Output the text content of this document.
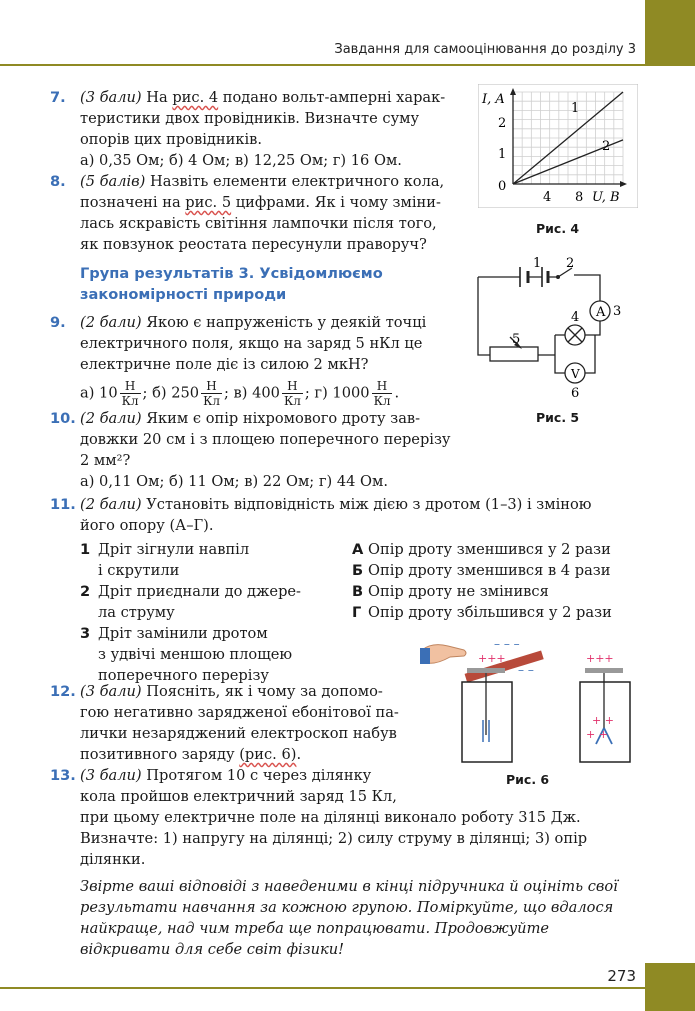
Завдання для самооцінювання до розділу 3
7. (3 бали) На рис. 4 подано вольт-амперні харак-
теристики двох провідників. Визначте суму
опорів цих провідників.
а) 0,35 Ом; б) 4 Ом; в) 12,25 Ом; г) 16 Ом.
8. (5 балів) Назвіть елементи електричного кола,
позначені на рис. 5 цифрами. Як і чому зміни-
лась яскравість світіння лампочки після того,
як повзунок реостата пересунули праворуч?
Група результатів 3. Усвідомлюємо закономірності природи
9. (2 бали) Якою є напруженість у деякій точці
електричного поля, якщо на заряд 5 нКл це
електричне поле діє із силою 2 мкН?
а) $10 \frac{Н}{Кл}$ ; б) $250 \frac{Н}{Кл}$ ; в) $400 \frac{Н}{Кл}$ ; г) $1000 \frac{Н}{Кл}$ .
10. (2 бали) Яким є опір ніхромового дроту зав-
довжки 20 см і з площею поперечного перерізу
2 мм²?
а) 0,11 Ом; б) 11 Ом; в) 22 Ом; г) 44 Ом.
11. (2 бали) Установіть відповідність між дією з дротом (1–3) і зміною
його опору (А–Г).
1 Дріт зігнули навпіл
і скрутили
2 Дріт приєднали до джере-
ла струму
3 Дріт замінили дротом
з удвічі меншою площею
поперечного перерізу
А Опір дроту зменшився у 2 рази
Б Опір дроту зменшився в 4 рази
В Опір дроту не змінився
Г Опір дроту збільшився у 2 рази
12. (3 бали) Поясніть, як і чому за допомо-
гою негативно зарядженої ебонітової па-
лички незаряджений електроскоп набув
позитивного заряду (рис. 6).
13. (3 бали) Протягом 10 с через ділянку
кола пройшов електричний заряд 15 Кл,
при цьому електричне поле на ділянці виконало роботу 315 Дж.
Визначте: 1) напругу на ділянці; 2) силу струму в ділянці; 3) опір
ділянки.
Звірте ваші відповіді з наведеними в кінці підручника й оцініть свої результати навчання за кожною групою. Поміркуйте, що вдалося найкраще, над чим треба ще попрацювати. Продовжуйте відкривати для себе світ фізики!
I, A
U, B
2
1
0
4 8
1
2
Рис. 4
A
V
1 2
3
4
5
6
Рис. 5
+++
– – –
– –
+++
+ +
+ +
Рис. 6
273
